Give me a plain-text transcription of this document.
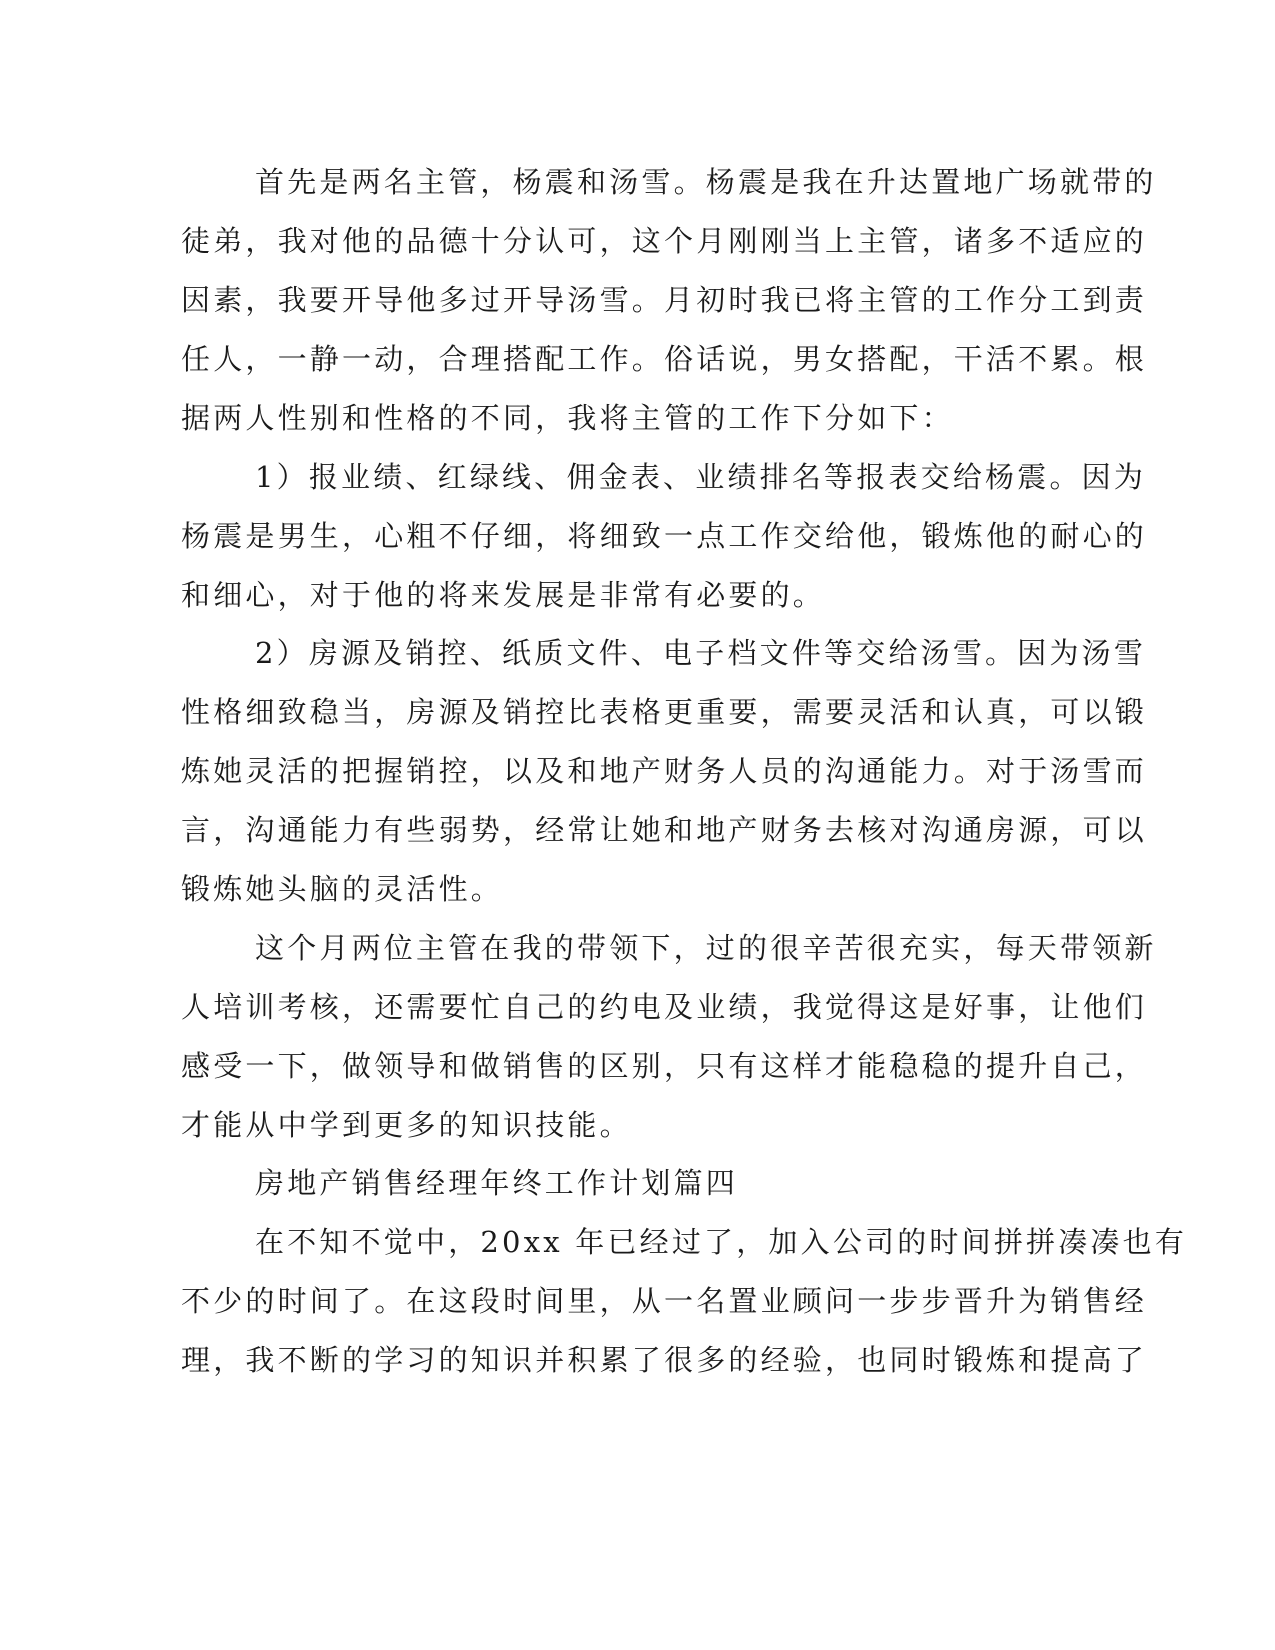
首先是两名主管，杨震和汤雪。杨震是我在升达置地广场就带的
徒弟，我对他的品德十分认可，这个月刚刚当上主管，诸多不适应的
因素，我要开导他多过开导汤雪。月初时我已将主管的工作分工到责
任人，一静一动，合理搭配工作。俗话说，男女搭配，干活不累。根
据两人性别和性格的不同，我将主管的工作下分如下：
1）报业绩、红绿线、佣金表、业绩排名等报表交给杨震。因为
杨震是男生，心粗不仔细，将细致一点工作交给他，锻炼他的耐心的
和细心，对于他的将来发展是非常有必要的。
2）房源及销控、纸质文件、电子档文件等交给汤雪。因为汤雪
性格细致稳当，房源及销控比表格更重要，需要灵活和认真，可以锻
炼她灵活的把握销控，以及和地产财务人员的沟通能力。对于汤雪而
言，沟通能力有些弱势，经常让她和地产财务去核对沟通房源，可以
锻炼她头脑的灵活性。
这个月两位主管在我的带领下，过的很辛苦很充实，每天带领新
人培训考核，还需要忙自己的约电及业绩，我觉得这是好事，让他们
感受一下，做领导和做销售的区别，只有这样才能稳稳的提升自己，
才能从中学到更多的知识技能。
房地产销售经理年终工作计划篇四
在不知不觉中，20xx 年已经过了，加入公司的时间拼拼凑凑也有
不少的时间了。在这段时间里，从一名置业顾问一步步晋升为销售经
理，我不断的学习的知识并积累了很多的经验，也同时锻炼和提高了
